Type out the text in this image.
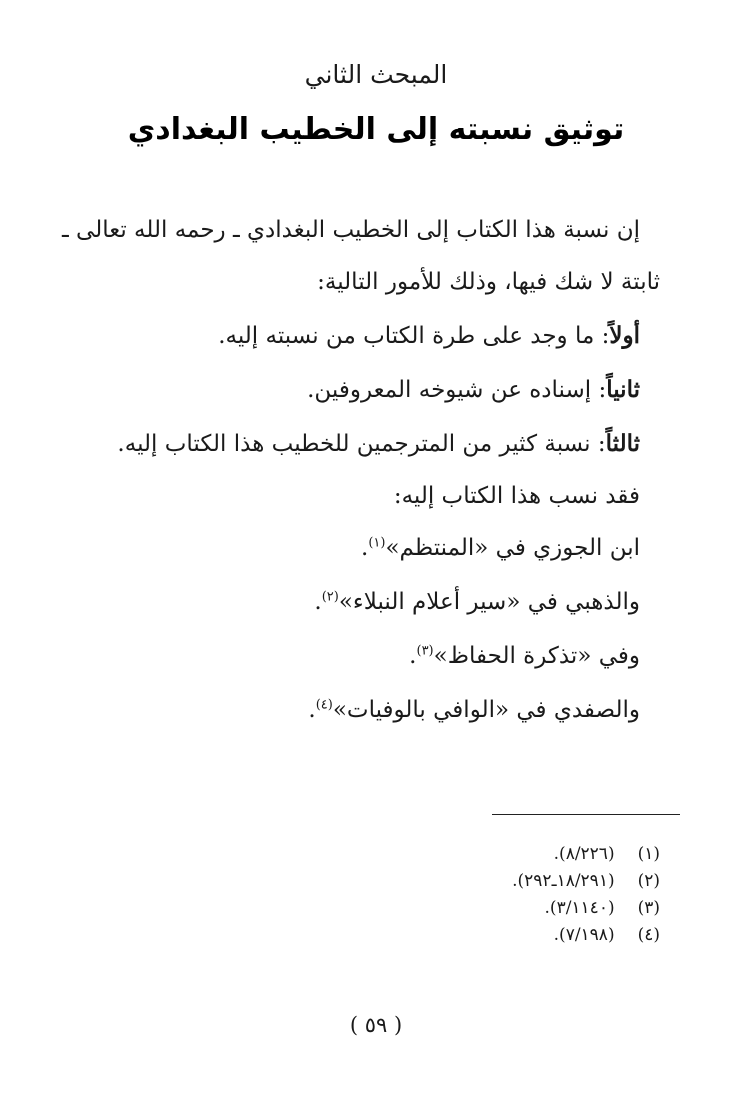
المبحث الثاني
توثيق نسبته إلى الخطيب البغدادي
إن نسبة هذا الكتاب إلى الخطيب البغدادي ـ رحمه الله تعالى ـ
ثابتة لا شك فيها، وذلك للأمور التالية:
أولاً: ما وجد على طرة الكتاب من نسبته إليه.
ثانياً: إسناده عن شيوخه المعروفين.
ثالثاً: نسبة كثير من المترجمين للخطيب هذا الكتاب إليه.
فقد نسب هذا الكتاب إليه:
ابن الجوزي في «المنتظم»$^{(١)}$.
والذهبي في «سير أعلام النبلاء»$^{(٢)}$.
وفي «تذكرة الحفاظ»$^{(٣)}$.
والصفدي في «الوافي بالوفيات»$^{(٤)}$.
(١) (٨/٢٢٦).
(٢) (١٨/٢٩١ـ٢٩٢).
(٣) (٣/١١٤٠).
(٤) (٧/١٩٨).
( ٥٩ )
